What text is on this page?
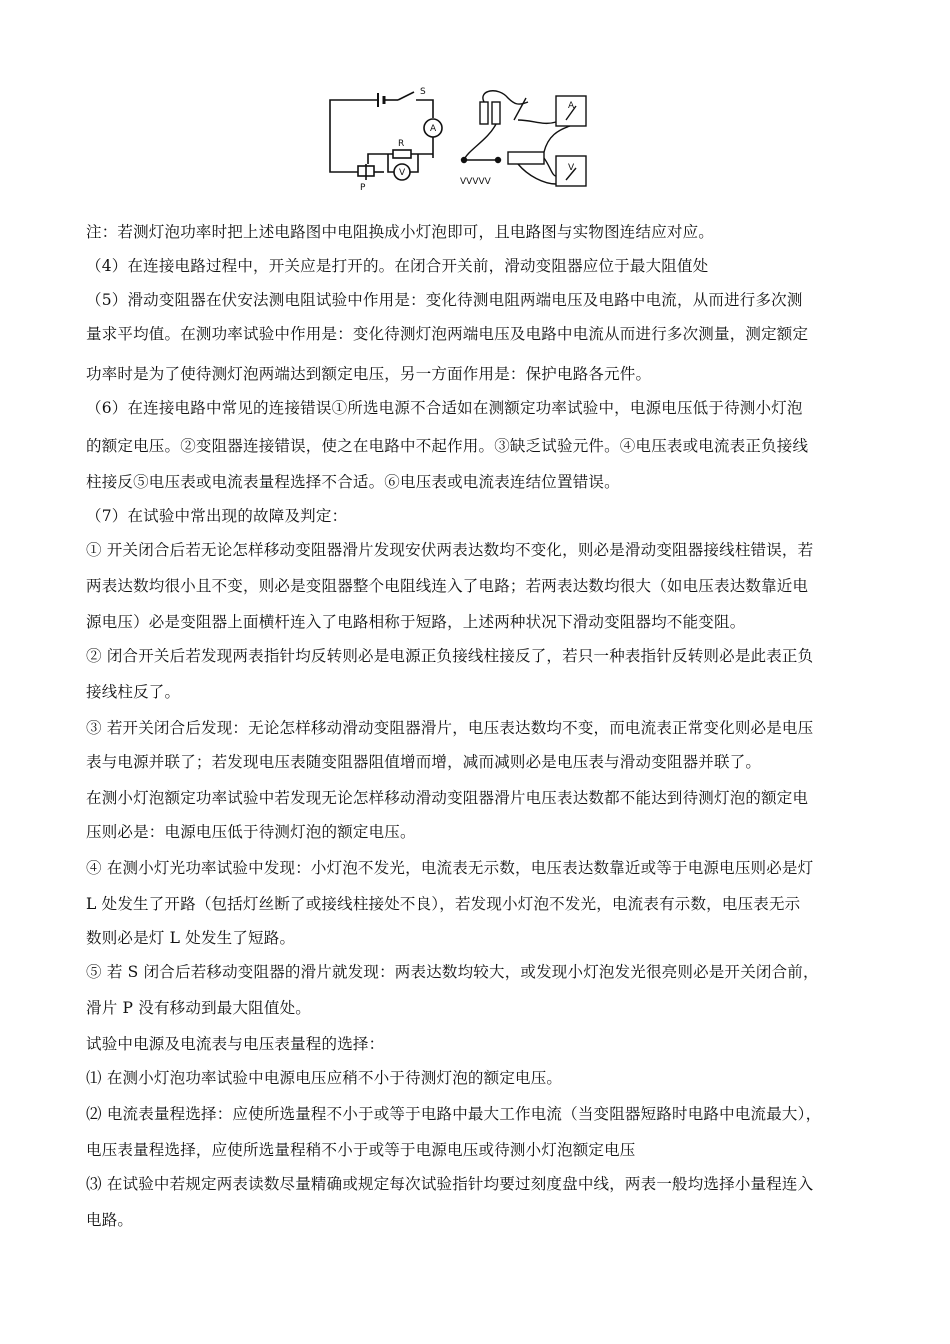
S
A
R
V
P
A
V
VVVVV
注：若测灯泡功率时把上述电路图中电阻换成小灯泡即可，且电路图与实物图连结应对应。
（4）在连接电路过程中，开关应是打开的。在闭合开关前，滑动变阻器应位于最大阻值处
（5）滑动变阻器在伏安法测电阻试验中作用是：变化待测电阻两端电压及电路中电流，从而进行多次测
量求平均值。在测功率试验中作用是：变化待测灯泡两端电压及电路中电流从而进行多次测量，测定额定
功率时是为了使待测灯泡两端达到额定电压，另一方面作用是：保护电路各元件。
（6）在连接电路中常见的连接错误①所选电源不合适如在测额定功率试验中，电源电压低于待测小灯泡
的额定电压。②变阻器连接错误，使之在电路中不起作用。③缺乏试验元件。④电压表或电流表正负接线
柱接反⑤电压表或电流表量程选择不合适。⑥电压表或电流表连结位置错误。
（7）在试验中常出现的故障及判定：
① 开关闭合后若无论怎样移动变阻器滑片发现安伏两表达数均不变化，则必是滑动变阻器接线柱错误，若
两表达数均很小且不变，则必是变阻器整个电阻线连入了电路；若两表达数均很大（如电压表达数靠近电
源电压）必是变阻器上面横杆连入了电路相称于短路，上述两种状况下滑动变阻器均不能变阻。
② 闭合开关后若发现两表指针均反转则必是电源正负接线柱接反了，若只一种表指针反转则必是此表正负
接线柱反了。
③ 若开关闭合后发现：无论怎样移动滑动变阻器滑片，电压表达数均不变，而电流表正常变化则必是电压
表与电源并联了；若发现电压表随变阻器阻值增而增，减而减则必是电压表与滑动变阻器并联了。
在测小灯泡额定功率试验中若发现无论怎样移动滑动变阻器滑片电压表达数都不能达到待测灯泡的额定电
压则必是：电源电压低于待测灯泡的额定电压。
④ 在测小灯光功率试验中发现：小灯泡不发光，电流表无示数，电压表达数靠近或等于电源电压则必是灯
L 处发生了开路（包括灯丝断了或接线柱接处不良），若发现小灯泡不发光，电流表有示数，电压表无示
数则必是灯 L 处发生了短路。
⑤ 若 S 闭合后若移动变阻器的滑片就发现：两表达数均较大，或发现小灯泡发光很亮则必是开关闭合前，
滑片 P 没有移动到最大阻值处。
试验中电源及电流表与电压表量程的选择：
⑴ 在测小灯泡功率试验中电源电压应稍不小于待测灯泡的额定电压。
⑵ 电流表量程选择：应使所选量程不小于或等于电路中最大工作电流（当变阻器短路时电路中电流最大），
电压表量程选择，应使所选量程稍不小于或等于电源电压或待测小灯泡额定电压
⑶ 在试验中若规定两表读数尽量精确或规定每次试验指针均要过刻度盘中线，两表一般均选择小量程连入
电路。
